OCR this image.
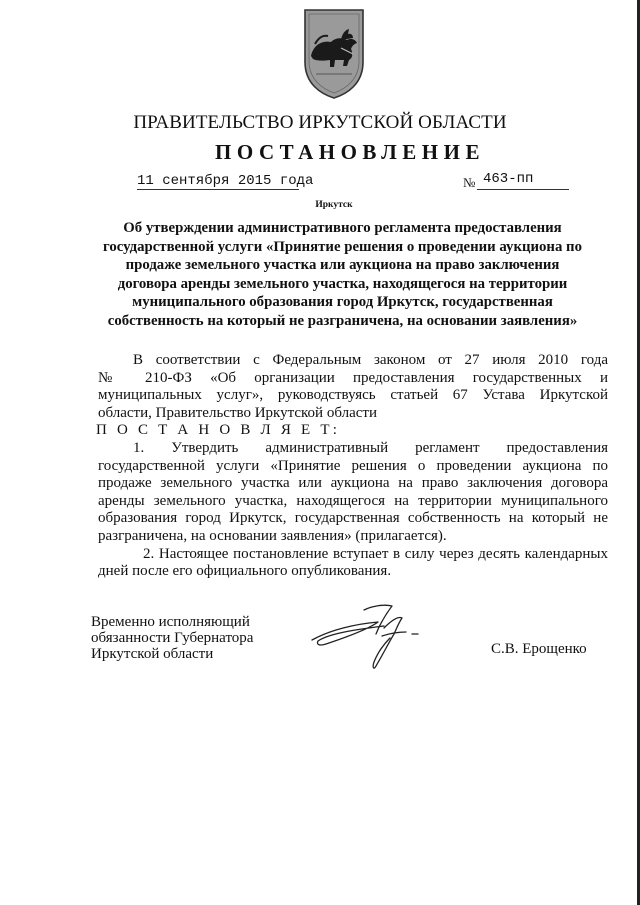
ПРАВИТЕЛЬСТВО ИРКУТСКОЙ ОБЛАСТИ
ПОСТАНОВЛЕНИЕ
11 сентября 2015 года	№ 463-пп
Иркутск
Об утверждении административного регламента предоставления
государственной услуги «Принятие решения о проведении аукциона по
продаже земельного участка или аукциона на право заключения
договора аренды земельного участка, находящегося на территории
муниципального образования город Иркутск, государственная
собственность на который не разграничена, на основании заявления»
В соответствии с Федеральным законом от 27 июля 2010 года
№ 210-ФЗ «Об организации предоставления государственных и
муниципальных услуг», руководствуясь статьей 67 Устава Иркутской
области, Правительство Иркутской области
П О С Т А Н О В Л Я Е Т:
1. Утвердить административный регламент предоставления
государственной услуги «Принятие решения о проведении аукциона по
продаже земельного участка или аукциона на право заключения договора
аренды земельного участка, находящегося на территории муниципального
образования город Иркутск, государственная собственность на который не
разграничена, на основании заявления» (прилагается).
2. Настоящее постановление вступает в силу через десять календарных
дней после его официального опубликования.
Временно исполняющий
обязанности Губернатора
Иркутской области	С.В. Ерощенко
